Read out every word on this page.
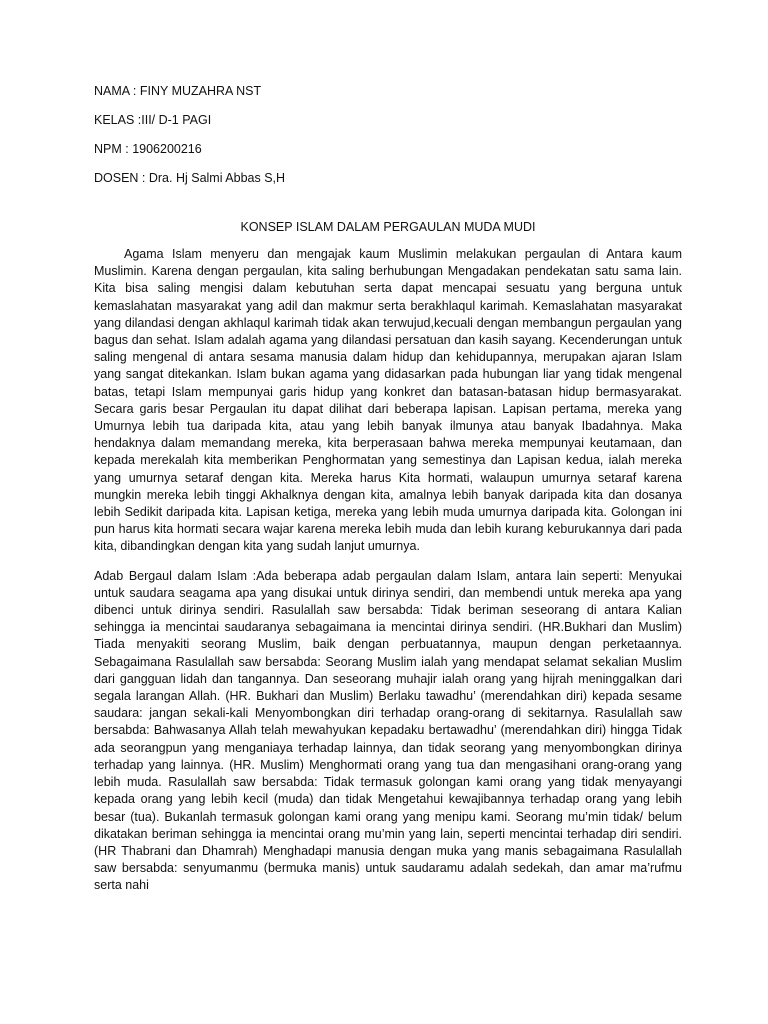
NAMA : FINY MUZAHRA NST
KELAS :III/ D-1 PAGI
NPM : 1906200216
DOSEN : Dra. Hj Salmi Abbas S,H
KONSEP ISLAM DALAM PERGAULAN MUDA MUDI

Agama Islam menyeru dan mengajak kaum Muslimin melakukan pergaulan di Antara kaum Muslimin. Karena dengan pergaulan, kita saling berhubungan Mengadakan pendekatan satu sama lain. Kita bisa saling mengisi dalam kebutuhan serta dapat mencapai sesuatu yang berguna untuk kemaslahatan masyarakat yang adil dan makmur serta berakhlaqul karimah. Kemaslahatan masyarakat yang dilandasi dengan akhlaqul karimah tidak akan terwujud,kecuali dengan membangun pergaulan yang bagus dan sehat. Islam adalah agama yang dilandasi persatuan dan kasih sayang. Kecenderungan untuk saling mengenal di antara sesama manusia dalam hidup dan kehidupannya, merupakan ajaran Islam yang sangat ditekankan. Islam bukan agama yang didasarkan pada hubungan liar yang tidak mengenal batas, tetapi Islam mempunyai garis hidup yang konkret dan batasan-batasan hidup bermasyarakat. Secara garis besar Pergaulan itu dapat dilihat dari beberapa lapisan. Lapisan pertama, mereka yang Umurnya lebih tua daripada kita, atau yang lebih banyak ilmunya atau banyak Ibadahnya. Maka hendaknya dalam memandang mereka, kita berperasaan bahwa mereka mempunyai keutamaan, dan kepada merekalah kita memberikan Penghormatan yang semestinya dan Lapisan kedua, ialah mereka yang umurnya setaraf dengan kita. Mereka harus Kita hormati, walaupun umurnya setaraf karena mungkin mereka lebih tinggi Akhalknya dengan kita, amalnya lebih banyak daripada kita dan dosanya lebih Sedikit daripada kita. Lapisan ketiga, mereka yang lebih muda umurnya daripada kita. Golongan ini pun harus kita hormati secara wajar karena mereka lebih muda dan lebih kurang keburukannya dari pada kita, dibandingkan dengan kita yang sudah lanjut umurnya.

Adab Bergaul dalam Islam :Ada beberapa adab pergaulan dalam Islam, antara lain seperti: Menyukai untuk saudara seagama apa yang disukai untuk dirinya sendiri, dan membendi untuk mereka apa yang dibenci untuk dirinya sendiri. Rasulallah saw bersabda: Tidak beriman seseorang di antara Kalian sehingga ia mencintai saudaranya sebagaimana ia mencintai dirinya sendiri. (HR.Bukhari dan Muslim) Tiada menyakiti seorang Muslim, baik dengan perbuatannya, maupun dengan perketaannya. Sebagaimana Rasulallah saw bersabda: Seorang Muslim ialah yang mendapat selamat sekalian Muslim dari gangguan lidah dan tangannya. Dan seseorang muhajir ialah orang yang hijrah meninggalkan dari segala larangan Allah. (HR. Bukhari dan Muslim) Berlaku tawadhu’ (merendahkan diri) kepada sesame saudara: jangan sekali-kali Menyombongkan diri terhadap orang-orang di sekitarnya. Rasulallah saw bersabda: Bahwasanya Allah telah mewahyukan kepadaku bertawadhu’ (merendahkan diri) hingga Tidak ada seorangpun yang menganiaya terhadap lainnya, dan tidak seorang yang menyombongkan dirinya terhadap yang lainnya. (HR. Muslim) Menghormati orang yang tua dan mengasihani orang-orang yang lebih muda. Rasulallah saw bersabda: Tidak termasuk golongan kami orang yang tidak menyayangi kepada orang yang lebih kecil (muda) dan tidak Mengetahui kewajibannya terhadap orang yang lebih besar (tua). Bukanlah termasuk golongan kami orang yang menipu kami. Seorang mu’min tidak/ belum dikatakan beriman sehingga ia mencintai orang mu’min yang lain, seperti mencintai terhadap diri sendiri. (HR Thabrani dan Dhamrah) Menghadapi manusia dengan muka yang manis sebagaimana Rasulallah saw bersabda: senyumanmu (bermuka manis) untuk saudaramu adalah sedekah, dan amar ma’rufmu serta nahi
